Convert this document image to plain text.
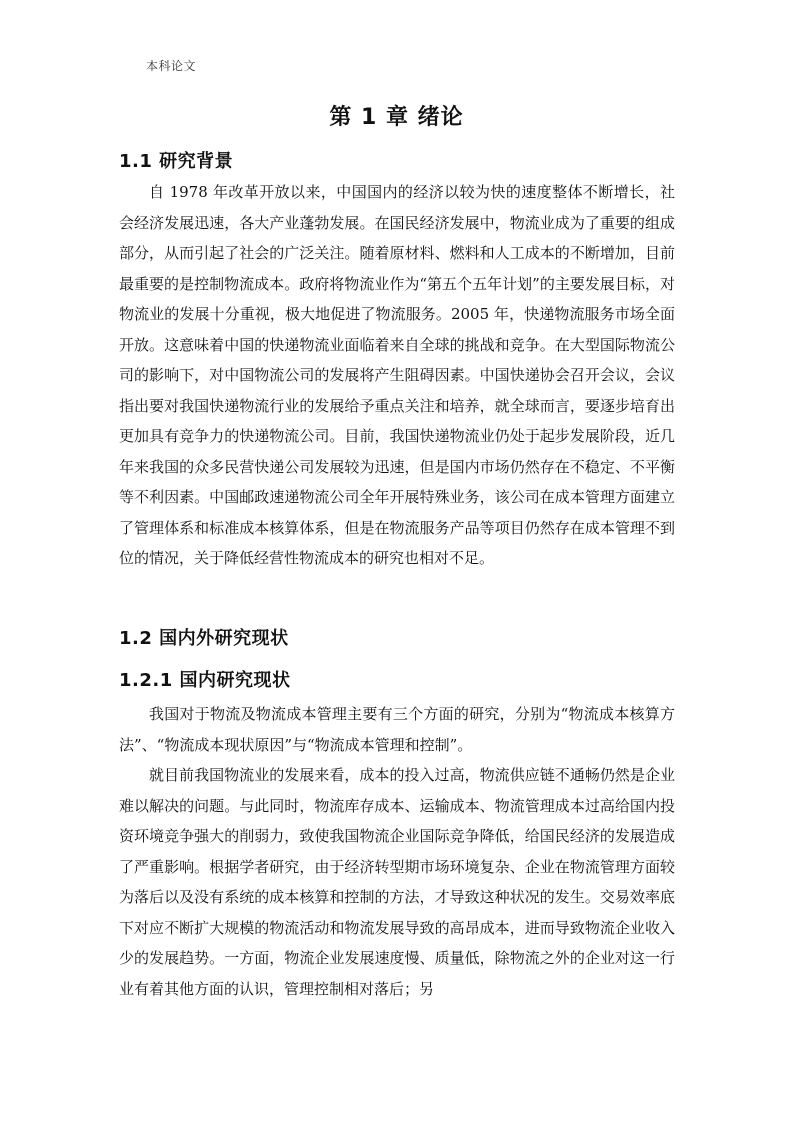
本科论文
第 1 章 绪论
1.1 研究背景

自 1978 年改革开放以来，中国国内的经济以较为快的速度整体不断增长，社会经济发展迅速，各大产业蓬勃发展。在国民经济发展中，物流业成为了重要的组成部分，从而引起了社会的广泛关注。随着原材料、燃料和人工成本的不断增加，目前最重要的是控制物流成本。政府将物流业作为“第五个五年计划”的主要发展目标，对物流业的发展十分重视，极大地促进了物流服务。2005 年，快递物流服务市场全面开放。这意味着中国的快递物流业面临着来自全球的挑战和竞争。在大型国际物流公司的影响下，对中国物流公司的发展将产生阻碍因素。中国快递协会召开会议，会议指出要对我国快递物流行业的发展给予重点关注和培养，就全球而言，要逐步培育出更加具有竞争力的快递物流公司。目前，我国快递物流业仍处于起步发展阶段，近几年来我国的众多民营快递公司发展较为迅速，但是国内市场仍然存在不稳定、不平衡等不利因素。中国邮政速递物流公司全年开展特殊业务，该公司在成本管理方面建立了管理体系和标准成本核算体系，但是在物流服务产品等项目仍然存在成本管理不到位的情况，关于降低经营性物流成本的研究也相对不足。

1.2 国内外研究现状
1.2.1 国内研究现状

我国对于物流及物流成本管理主要有三个方面的研究，分别为“物流成本核算方法”、“物流成本现状原因”与“物流成本管理和控制”。

就目前我国物流业的发展来看，成本的投入过高，物流供应链不通畅仍然是企业难以解决的问题。与此同时，物流库存成本、运输成本、物流管理成本过高给国内投资环境竞争强大的削弱力，致使我国物流企业国际竞争降低，给国民经济的发展造成了严重影响。根据学者研究，由于经济转型期市场环境复杂、企业在物流管理方面较为落后以及没有系统的成本核算和控制的方法，才导致这种状况的发生。交易效率底下对应不断扩大规模的物流活动和物流发展导致的高昂成本，进而导致物流企业收入少的发展趋势。一方面，物流企业发展速度慢、质量低，除物流之外的企业对这一行业有着其他方面的认识，管理控制相对落后；另
